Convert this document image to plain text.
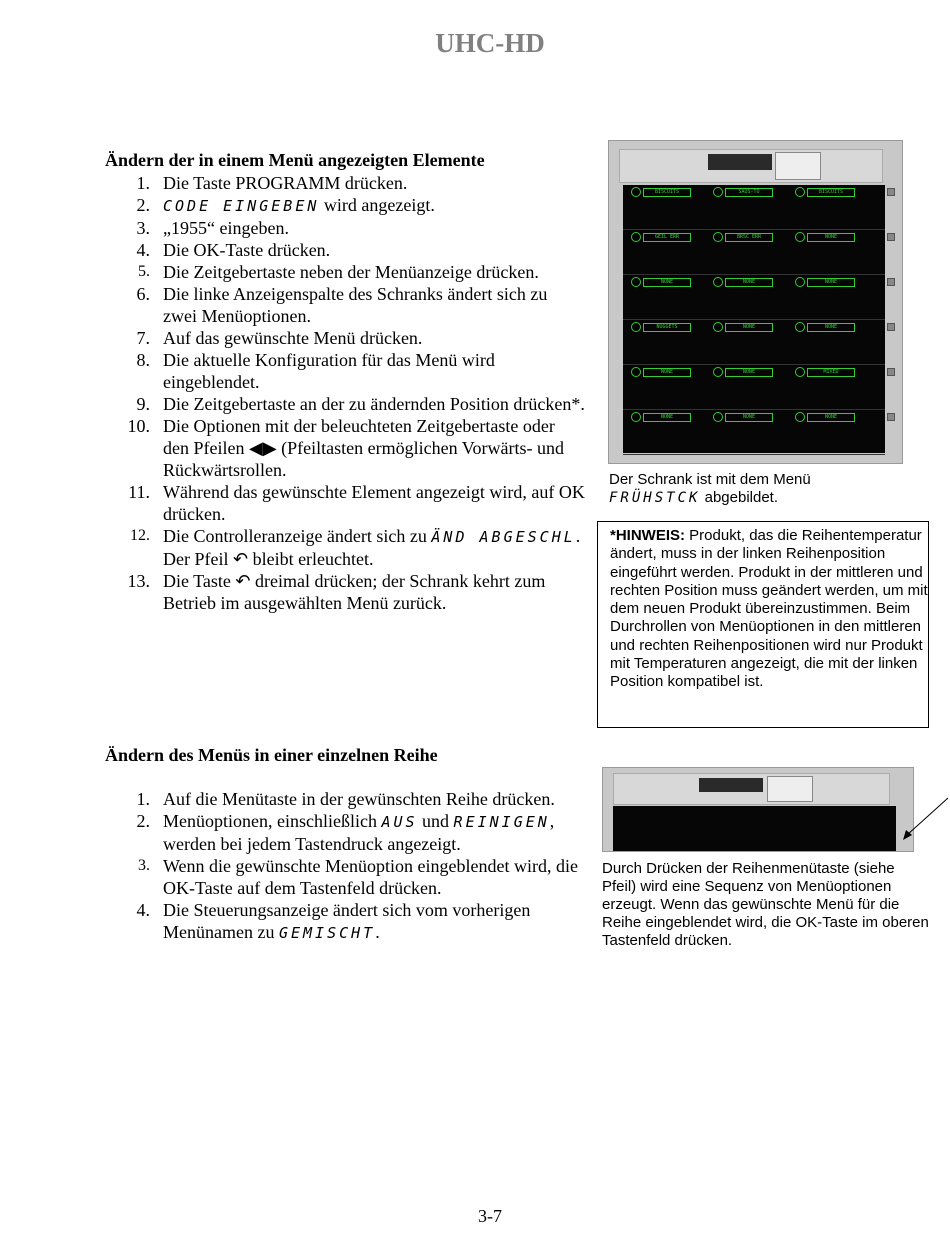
UHC-HD
Ändern der in einem Menü angezeigten Elemente
1. Die Taste PROGRAMM drücken.
2. CODE EINGEBEN wird angezeigt.
3. „1955“ eingeben.
4. Die OK-Taste drücken.
5. Die Zeitgebertaste neben der Menüanzeige drücken.
6. Die linke Anzeigenspalte des Schranks ändert sich zu zwei Menüoptionen.
7. Auf das gewünschte Menü drücken.
8. Die aktuelle Konfiguration für das Menü wird eingeblendet.
9. Die Zeitgebertaste an der zu ändernden Position drücken*.
10. Die Optionen mit der beleuchteten Zeitgebertaste oder den Pfeilen ◀▶ (Pfeiltasten ermöglichen Vorwärts- und Rückwärtsrollen.
11. Während das gewünschte Element angezeigt wird, auf OK drücken.
12. Die Controlleranzeige ändert sich zu ÄND ABGESCHL. Der Pfeil ↶ bleibt erleuchtet.
13. Die Taste ↶ dreimal drücken; der Schrank kehrt zum Betrieb im ausgewählten Menü zurück.
Ändern des Menüs in einer einzelnen Reihe
1. Auf die Menütaste in der gewünschten Reihe drücken.
2. Menüoptionen, einschließlich AUS und REINIGEN, werden bei jedem Tastendruck angezeigt.
3. Wenn die gewünschte Menüoption eingeblendet wird, die OK-Taste auf dem Tastenfeld drücken.
4. Die Steuerungsanzeige ändert sich vom vorherigen Menünamen zu GEMISCHT.
BISCUITS	SAUS-TO	BISCUITS
GEIL ERR	BRSC ERR	NONE
NONE	NONE	NONE
NUGGETS	NONE	NONE
NONE	NONE	MIXED
NONE	NONE	NONE
Der Schrank ist mit dem Menü
FRÜHSTCK abgebildet.
*HINWEIS: Produkt, das die Reihentemperatur ändert, muss in der linken Reihenposition eingeführt werden. Produkt in der mittleren und rechten Position muss geändert werden, um mit dem neuen Produkt übereinzustimmen. Beim Durchrollen von Menüoptionen in den mittleren und rechten Reihenpositionen wird nur Produkt mit Temperaturen angezeigt, die mit der linken Position kompatibel ist.
Durch Drücken der Reihenmenütaste (siehe Pfeil) wird eine Sequenz von Menüoptionen erzeugt. Wenn das gewünschte Menü für die Reihe eingeblendet wird, die OK-Taste im oberen Tastenfeld drücken.
3-7
